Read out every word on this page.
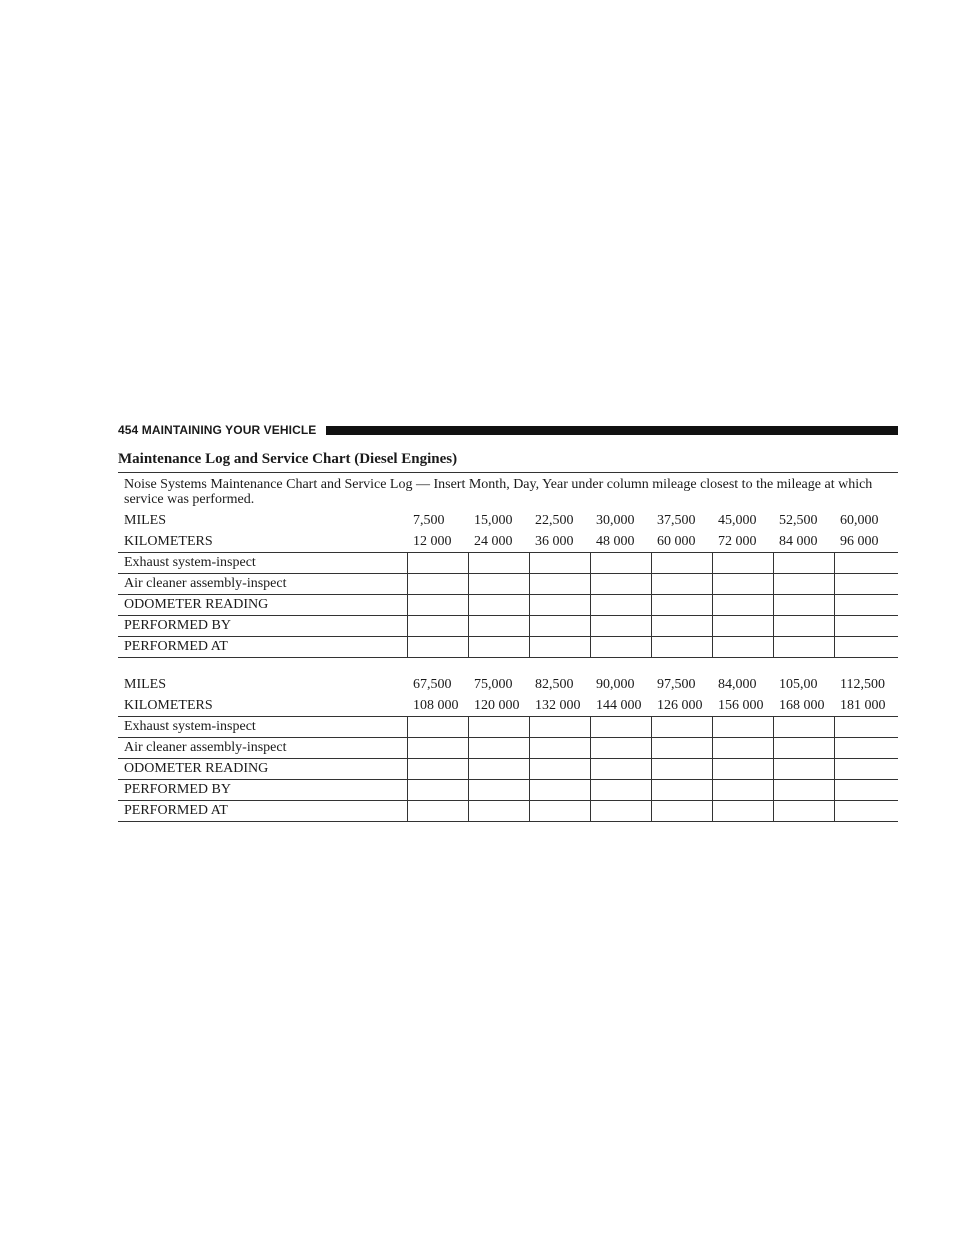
454 MAINTAINING YOUR VEHICLE
Maintenance Log and Service Chart (Diesel Engines)
Noise Systems Maintenance Chart and Service Log — Insert Month, Day, Year under column mileage closest to the mileage at which service was performed.
MILES	7,500	15,000	22,500	30,000	37,500	45,000	52,500	60,000
KILOMETERS	12 000	24 000	36 000	48 000	60 000	72 000	84 000	96 000
Exhaust system-inspect								
Air cleaner assembly-inspect								
ODOMETER READING								
PERFORMED BY								
PERFORMED AT								
MILES	67,500	75,000	82,500	90,000	97,500	84,000	105,00	112,500
KILOMETERS	108 000	120 000	132 000	144 000	126 000	156 000	168 000	181 000
Exhaust system-inspect								
Air cleaner assembly-inspect								
ODOMETER READING								
PERFORMED BY								
PERFORMED AT								
